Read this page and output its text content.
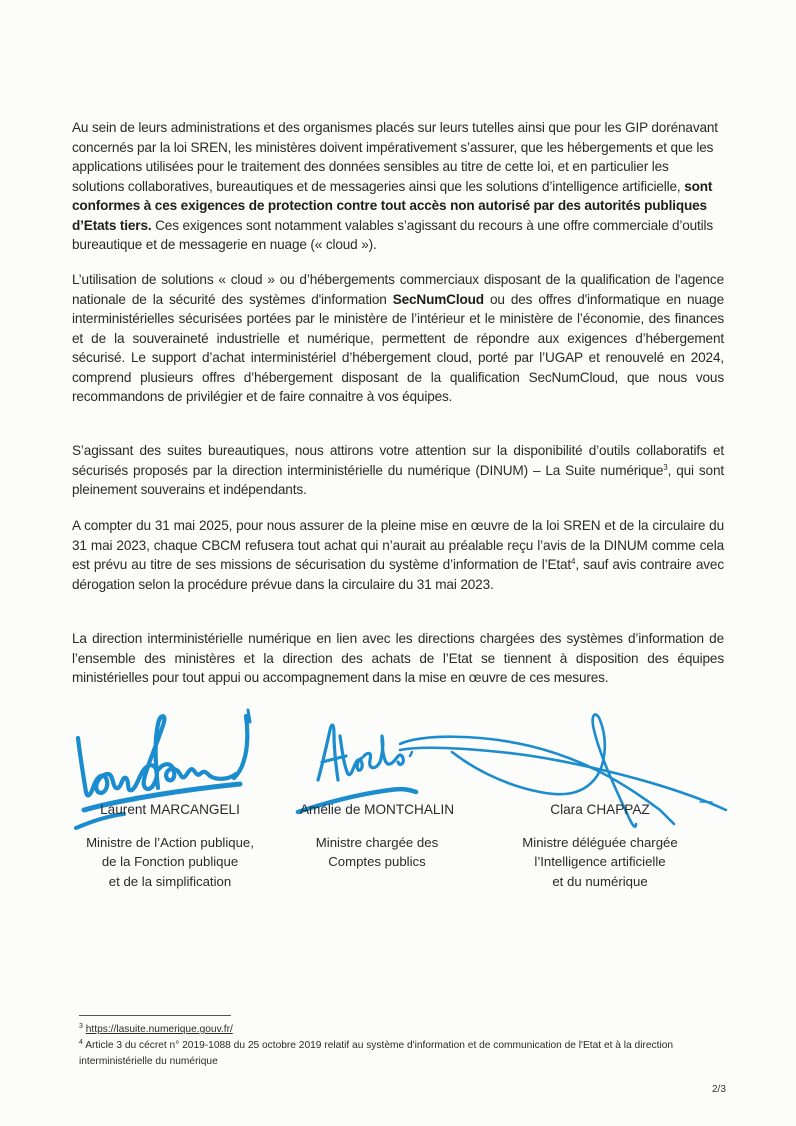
Au sein de leurs administrations et des organismes placés sur leurs tutelles ainsi que pour les GIP dorénavant concernés par la loi SREN, les ministères doivent impérativement s’assurer, que les hébergements et que les applications utilisées pour le traitement des données sensibles au titre de cette loi, et en particulier les solutions collaboratives, bureautiques et de messageries ainsi que les solutions d’intelligence artificielle, sont conformes à ces exigences de protection contre tout accès non autorisé par des autorités publiques d’Etats tiers. Ces exigences sont notamment valables s’agissant du recours à une offre commerciale d’outils bureautique et de messagerie en nuage (« cloud »).

L’utilisation de solutions « cloud » ou d’hébergements commerciaux disposant de la qualification de l'agence nationale de la sécurité des systèmes d'information SecNumCloud ou des offres d'informatique en nuage interministérielles sécurisées portées par le ministère de l’intérieur et le ministère de l’économie, des finances et de la souveraineté industrielle et numérique, permettent de répondre aux exigences d’hébergement sécurisé. Le support d’achat interministériel d’hébergement cloud, porté par l’UGAP et renouvelé en 2024, comprend plusieurs offres d’hébergement disposant de la qualification SecNumCloud, que nous vous recommandons de privilégier et de faire connaitre à vos équipes.

S’agissant des suites bureautiques, nous attirons votre attention sur la disponibilité d’outils collaboratifs et sécurisés proposés par la direction interministérielle du numérique (DINUM) – La Suite numérique$^3$, qui sont pleinement souverains et indépendants.

A compter du 31 mai 2025, pour nous assurer de la pleine mise en œuvre de la loi SREN et de la circulaire du 31 mai 2023, chaque CBCM refusera tout achat qui n’aurait au préalable reçu l’avis de la DINUM comme cela est prévu au titre de ses missions de sécurisation du système d’information de l’Etat$^4$, sauf avis contraire avec dérogation selon la procédure prévue dans la circulaire du 31 mai 2023.

La direction interministérielle numérique en lien avec les directions chargées des systèmes d’information de l’ensemble des ministères et la direction des achats de l’Etat se tiennent à disposition des équipes ministérielles pour tout appui ou accompagnement dans la mise en œuvre de ces mesures.

Laurent MARCANGELI
Ministre de l’Action publique,
de la Fonction publique
et de la simplification
Amélie de MONTCHALIN
Ministre chargée des
Comptes publics
Clara CHAPPAZ
Ministre déléguée chargée
l’Intelligence artificielle
et du numérique

$^3$ https://lasuite.numerique.gouv.fr/

$^4$ Article 3 du cécret n° 2019-1088 du 25 octobre 2019 relatif au système d'information et de communication de l'Etat et à la direction interministérielle du numérique

2/3
